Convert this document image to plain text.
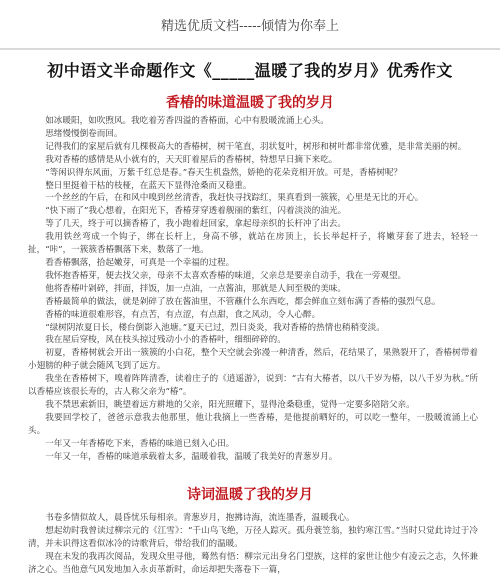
精选优质文档-----倾情为你奉上
初中语文半命题作文《_____温暖了我的岁月》优秀作文
香椿的味道温暖了我的岁月

如冰暖阳，如吹煦风。我吃着芳香四溢的香椿面，心中有股暖流涌上心头。

思绪慢慢倒卷而回。

记得我们的家屋后就有几棵极高大的香椿树，树干笔直，羽状复叶，树形和树叶都非常优雅，是非常美丽的树。

我对香椿的感情是从小就有的，天天盯着屋后的香椿树，特想早日摘下来吃。

“等闲识得东风面，万紫千红总是春。”春天生机盎然，娇艳的花朵竞相开放。可是，香椿树呢？

整日里挺着干枯的枝桠，在蓝天下显得沧桑而又稳重。

一个丝丝的午后，在和风中嗅到丝丝清香，我赶快寻找踪红，果真看到一簇簇，心里是无比的开心。

“快下雨了”我心想着，在阳光下，香椿芽穿透着舰丽的紫红，闪着淡淡的油光。

等了几天，终于可以摘香椿了，我小跑着赶回家，拿起母亲织的长杆冲了出去。

我用铁丝弯成一个钩子，绑在长杆上，身高不够，就站在房顶上，长长举起杆子，将嫩芽套了进去，轻轻一扯，“咔”，一簇簇香椿飘落下来，数落了一地。

看香椿飘落，拾起嫩芽，可真是一个幸福的过程。

我怀抱香椿芽，便去找父亲，母亲不太喜欢香椿的味道，父亲总是要亲自动手，我在一旁观望。

他将香椿叶剁碎，拌面，拌饭，加一点油，一点酱油，那就是人间至极的美味。

香椿最简单的做法，就是剁碎了放在酱油里，不管蘸什么东西吃，都会鲜血立刻布满了香椿的强烈气息。

香椿的味道很难形容，有点苦，有点涩，有点甜，食之风动，令人心醉。

“绿树阴浓夏日长，楼台倒影入池塘。”夏天已过，烈日炎炎，我对香椿的热情也稍稍变淡。

我在屋后穿梭，风在枝头掠过残动小小的香椿叶，细细碎碎的。

初夏，香椿树就会开出一簇簇的小白花，整个天空就会弥漫一种清香，然后，花结果了，果熟裂开了，香椿树带着小翅膀的种子就会随风飞到了远方。

我坐在香椿树下，嗅着阵阵清香，读着庄子的《逍遥游》，说到：“古有大椿者，以八千岁为椿，以八千岁为秋。”所以香椿应该很长寿的，古人称父亲为“椿”。

我不禁思索新旧，眺望着远方耕地的父亲，阳光照耀下，显得沧桑稳重，觉得一定要多陪陪父亲。

我要回学校了，爸爸示意我去他那里，他让我摘上一些香椿，是他提前晒好的，可以吃一整年，一股暖流涌上心头。

一年又一年香椿吃下来，香椿的味道已刻入心田。

一年又一年，香椿的味道承载着太多，温暖着我，温暖了我美好的青葱岁月。

诗词温暖了我的岁月

书卷多情似故人，晨昏忧乐每相亲。青葱岁月，抱拂诗海，流连墨香，温暖我心。

想起幼时我曾读过柳宗元的《江雪》：“千山鸟飞绝，万径人踪灭。孤舟蓑笠翁，独钓寒江雪。”当时只觉此诗过于冷清，并未识得这看似冰冷的诗歌背后，带给我们的温暖。

现在未发的我再次阅品，发现众里寻他，蓦然有悟：柳宗元出身名门望族，这样的家世让他少有凌云之志，久怀兼济之心。当他意气风发地加入永贞革新时，命运却把失落卷下一篇，
